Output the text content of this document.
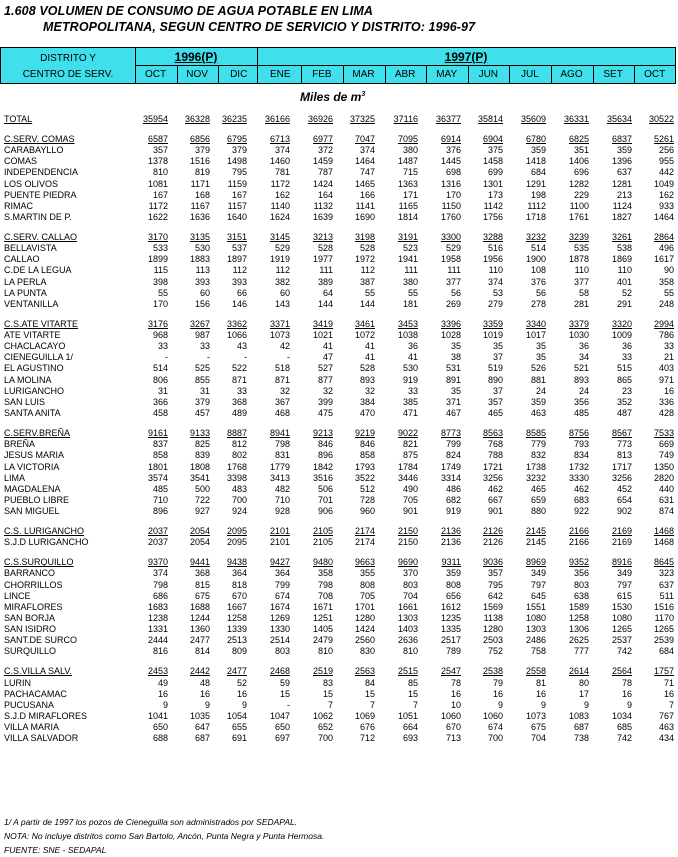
1.608 VOLUMEN DE CONSUMO DE AGUA POTABLE EN LIMA
METROPOLITANA, SEGUN CENTRO DE SERVICIO Y DISTRITO: 1996-97
DISTRITO Y
CENTRO DE SERV.
1996(P)	1997(P)
OCT	NOV	DIC	ENE	FEB	MAR	ABR	MAY	JUN	JUL	AGO	SET	OCT
Miles de $m^3$
TOTAL	35954	36328	36235	36166	36926	37325	37116	36377	35814	35609	36331	35634	30522
C.SERV. COMAS	6587	6856	6795	6713	6977	7047	7095	6914	6904	6780	6825	6837	5261
CARABAYLLO	357	379	379	374	372	374	380	376	375	359	351	359	256
COMAS	1378	1516	1498	1460	1459	1464	1487	1445	1458	1418	1406	1396	955
INDEPENDENCIA	810	819	795	781	787	747	715	698	699	684	696	637	442
LOS OLIVOS	1081	1171	1159	1172	1424	1465	1363	1316	1301	1291	1282	1281	1049
PUENTE PIEDRA	167	168	167	162	164	166	171	170	173	198	229	213	162
RIMAC	1172	1167	1157	1140	1132	1141	1165	1150	1142	1112	1100	1124	933
S.MARTIN DE P.	1622	1636	1640	1624	1639	1690	1814	1760	1756	1718	1761	1827	1464
C.SERV. CALLAO	3170	3135	3151	3145	3213	3198	3191	3300	3288	3232	3239	3261	2864
BELLAVISTA	533	530	537	529	528	528	523	529	516	514	535	538	496
CALLAO	1899	1883	1897	1919	1977	1972	1941	1958	1956	1900	1878	1869	1617
C.DE LA LEGUA	115	113	112	112	111	112	111	111	110	108	110	110	90
LA PERLA	398	393	393	382	389	387	380	377	374	376	377	401	358
LA PUNTA	55	60	66	60	64	55	55	56	53	56	58	52	55
VENTANILLA	170	156	146	143	144	144	181	269	279	278	281	291	248
C.S.ATE VITARTE	3176	3267	3362	3371	3419	3461	3453	3396	3359	3340	3379	3320	2994
ATE VITARTE	968	987	1066	1073	1021	1072	1038	1028	1019	1017	1030	1009	786
CHACLACAYO	33	33	43	42	41	41	36	35	35	35	36	36	33
CIENEGUILLA 1/	-	-	-	-	47	41	41	38	37	35	34	33	21
EL AGUSTINO	514	525	522	518	527	528	530	531	519	526	521	515	403
LA MOLINA	806	855	871	871	877	893	919	891	890	881	893	865	971
LURIGANCHO	31	31	33	32	32	32	33	35	37	24	24	23	16
SAN LUIS	366	379	368	367	399	384	385	371	357	359	356	352	336
SANTA ANITA	458	457	489	468	475	470	471	467	465	463	485	487	428
C.SERV.BREÑA	9161	9133	8887	8941	9213	9219	9022	8773	8563	8585	8756	8567	7533
BREÑA	837	825	812	798	846	846	821	799	768	779	793	773	669
JESUS MARIA	858	839	802	831	896	858	875	824	788	832	834	813	749
LA VICTORIA	1801	1808	1768	1779	1842	1793	1784	1749	1721	1738	1732	1717	1350
LIMA	3574	3541	3398	3413	3516	3522	3446	3314	3256	3232	3330	3256	2820
MAGDALENA	485	500	483	482	506	512	490	486	462	465	462	452	440
PUEBLO LIBRE	710	722	700	710	701	728	705	682	667	659	683	654	631
SAN MIGUEL	896	927	924	928	906	960	901	919	901	880	922	902	874
C.S. LURIGANCHO	2037	2054	2095	2101	2105	2174	2150	2136	2126	2145	2166	2169	1468
S.J.D LURIGANCHO	2037	2054	2095	2101	2105	2174	2150	2136	2126	2145	2166	2169	1468
C.S.SURQUILLO	9370	9441	9438	9427	9480	9663	9690	9311	9036	8969	9352	8916	8645
BARRANCO	374	368	364	364	358	355	370	359	357	349	356	349	323
CHORRILLOS	798	815	818	799	798	808	803	808	795	797	803	797	637
LINCE	686	675	670	674	708	705	704	656	642	645	638	615	511
MIRAFLORES	1683	1688	1667	1674	1671	1701	1661	1612	1569	1551	1589	1530	1516
SAN BORJA	1238	1244	1258	1269	1251	1280	1303	1235	1138	1080	1258	1080	1170
SAN ISIDRO	1331	1360	1339	1330	1405	1424	1403	1335	1280	1303	1306	1265	1265
SANT.DE SURCO	2444	2477	2513	2514	2479	2560	2636	2517	2503	2486	2625	2537	2539
SURQUILLO	816	814	809	803	810	830	810	789	752	758	777	742	684
C.S.VILLA SALV.	2453	2442	2477	2468	2519	2563	2515	2547	2538	2558	2614	2564	1757
LURIN	49	48	52	59	83	84	85	78	79	81	80	78	71
PACHACAMAC	16	16	16	15	15	15	15	16	16	16	17	16	16
PUCUSANA	9	9	9	-	7	7	7	10	9	9	9	9	7
S.J.D MIRAFLORES	1041	1035	1054	1047	1062	1069	1051	1060	1060	1073	1083	1034	767
VILLA MARIA	650	647	655	650	652	676	664	670	674	675	687	685	463
VILLA SALVADOR	688	687	691	697	700	712	693	713	700	704	738	742	434
1/ A partir de 1997 los pozos de Cieneguilla son administrados por SEDAPAL.
NOTA: No incluye distritos como San Bartolo, Ancón, Punta Negra y Punta Hermosa.
FUENTE: SNE - SEDAPAL
